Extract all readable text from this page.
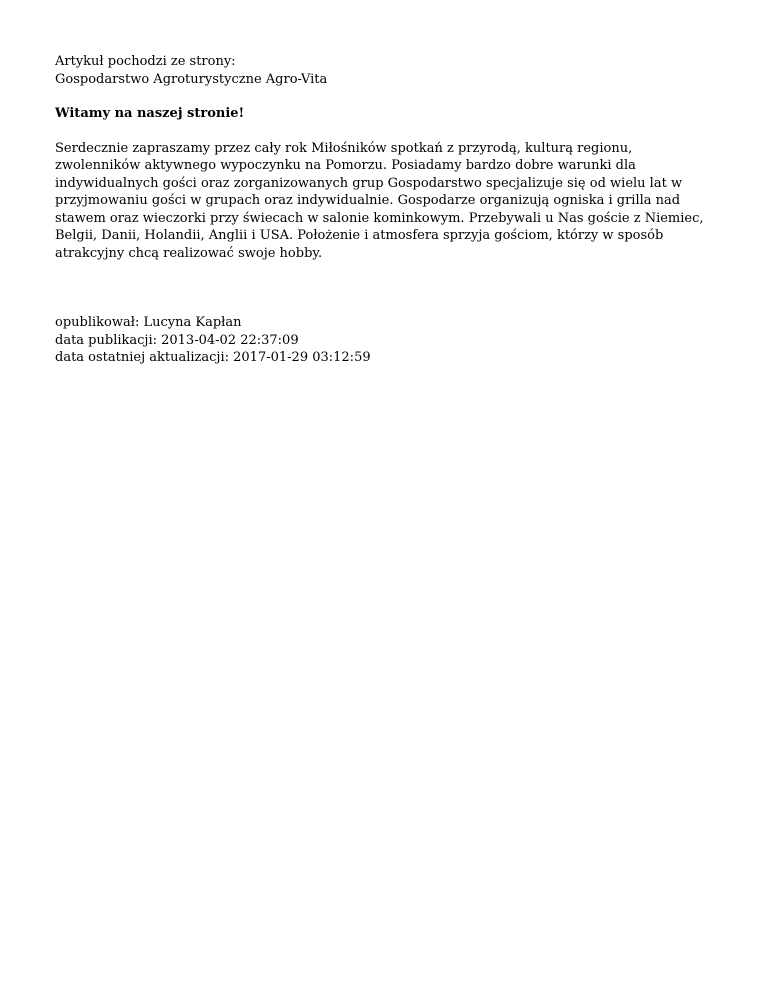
Artykuł pochodzi ze strony:
Gospodarstwo Agroturystyczne Agro-Vita

Witamy na naszej stronie!

Serdecznie zapraszamy przez cały rok Miłośników spotkań z przyrodą, kulturą regionu, zwolenników aktywnego wypoczynku na Pomorzu. Posiadamy bardzo dobre warunki dla indywidualnych gości oraz zorganizowanych grup Gospodarstwo specjalizuje się od wielu lat w przyjmowaniu gości w grupach oraz indywidualnie. Gospodarze organizują ogniska i grilla nad stawem oraz wieczorki przy świecach w salonie kominkowym. Przebywali u Nas goście z Niemiec, Belgii, Danii, Holandii, Anglii i USA. Położenie i atmosfera sprzyja gościom, którzy w sposób atrakcyjny chcą realizować swoje hobby.

opublikował: Lucyna Kapłan
data publikacji: 2013-04-02 22:37:09
data ostatniej aktualizacji: 2017-01-29 03:12:59
